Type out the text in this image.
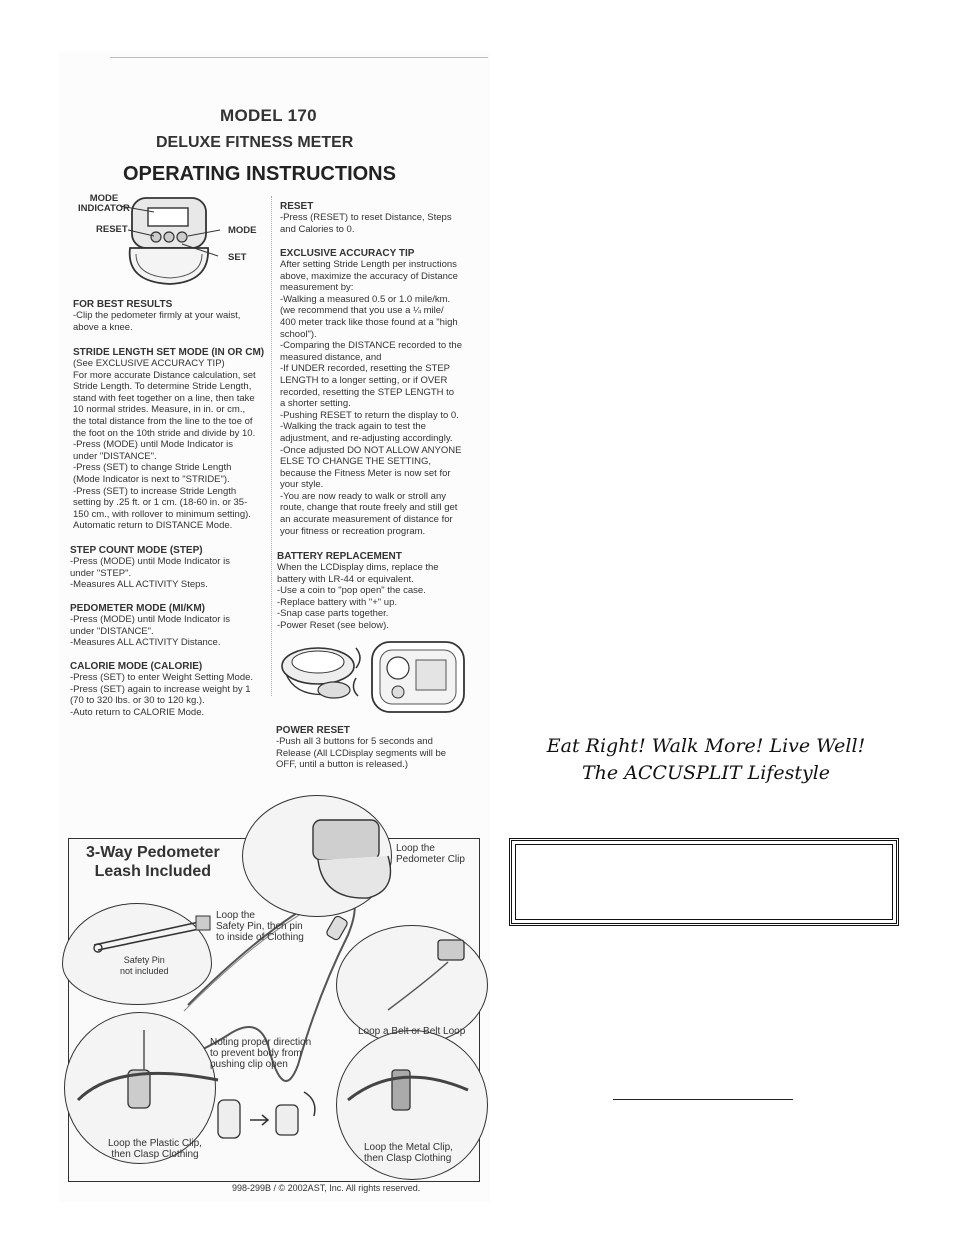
MODEL 170
DELUXE FITNESS METER
OPERATING INSTRUCTIONS
MODE
INDICATOR
RESET	MODE
SET
FOR BEST RESULTS
-Clip the pedometer firmly at your waist,
above a knee.
STRIDE LENGTH SET MODE (IN OR CM)
(See EXCLUSIVE ACCURACY TIP)
For more accurate Distance calculation, set
Stride Length. To determine Stride Length,
stand with feet together on a line, then take
10 normal strides. Measure, in in. or cm.,
the total distance from the line to the toe of
the foot on the 10th stride and divide by 10.
-Press (MODE) until Mode Indicator is
under "DISTANCE".
-Press (SET) to change Stride Length
(Mode Indicator is next to "STRIDE").
-Press (SET) to increase Stride Length
setting by .25 ft. or 1 cm. (18-60 in. or 35-
150 cm., with rollover to minimum setting).
Automatic return to DISTANCE Mode.
STEP COUNT MODE (STEP)
-Press (MODE) until Mode Indicator is
under "STEP".
-Measures ALL ACTIVITY Steps.
PEDOMETER MODE (MI/KM)
-Press (MODE) until Mode Indicator is
under "DISTANCE".
-Measures ALL ACTIVITY Distance.
CALORIE MODE (CALORIE)
-Press (SET) to enter Weight Setting Mode.
-Press (SET) again to increase weight by 1
(70 to 320 lbs. or 30 to 120 kg.).
-Auto return to CALORIE Mode.
RESET
-Press (RESET) to reset Distance, Steps
and Calories to 0.
EXCLUSIVE ACCURACY TIP
After setting Stride Length per instructions
above, maximize the accuracy of Distance
measurement by:
-Walking a measured 0.5 or 1.0 mile/km.
(we recommend that you use a ¼ mile/
400 meter track like those found at a "high
school").
-Comparing the DISTANCE recorded to the
measured distance, and
-If UNDER recorded, resetting the STEP
LENGTH to a longer setting, or if OVER
recorded, resetting the STEP LENGTH to
a shorter setting.
-Pushing RESET to return the display to 0.
-Walking the track again to test the
adjustment, and re-adjusting accordingly.
-Once adjusted DO NOT ALLOW ANYONE
ELSE TO CHANGE THE SETTING,
because the Fitness Meter is now set for
your style.
-You are now ready to walk or stroll any
route, change that route freely and still get
an accurate measurement of distance for
your fitness or recreation program.
BATTERY REPLACEMENT
When the LCDisplay dims, replace the
battery with LR-44 or equivalent.
-Use a coin to "pop open" the case.
-Replace battery with "+" up.
-Snap case parts together.
-Power Reset (see below).
POWER RESET
-Push all 3 buttons for 5 seconds and
Release (All LCDisplay segments will be
OFF, until a button is released.)
3-Way Pedometer
Leash Included
Loop the
Pedometer Clip
Loop the
Safety Pin, then pin
to inside of Clothing
Safety Pin
not included
Loop a Belt or Belt Loop
Noting proper direction
to prevent body from
pushing clip open
Loop the Plastic Clip,
then Clasp Clothing
Loop the Metal Clip,
then Clasp Clothing
998-299B / © 2002AST, Inc. All rights reserved.
Eat Right! Walk More! Live Well!
The ACCUSPLIT Lifestyle
